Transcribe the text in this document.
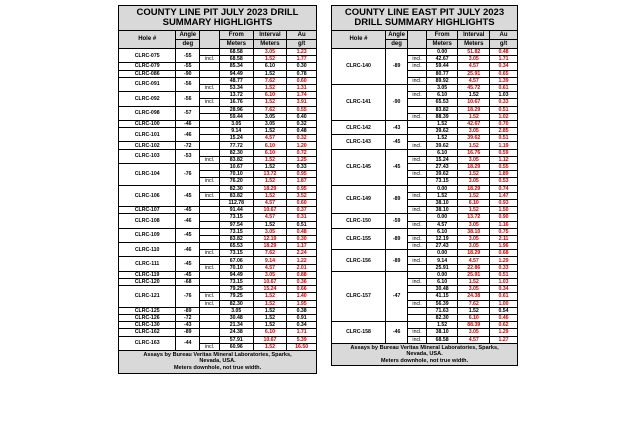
COUNTY LINE PIT JULY 2023 DRILL
SUMMARY HIGHLIGHTS					

Hole #	Angle		From	Interval	Au
	deg		Meters	Meters	g/t
CLRC-075	-55		68.58	3.05	1.23
		incl.	68.58	1.52	1.77
CLRC-079	-55		85.34	6.10	0.30
CLRC-086	-90		94.49	1.52	0.78
CLRC-091	-56		48.77	7.62	0.60
		incl.	53.34	1.52	1.31
CLRC-092	-56		13.72	6.10	1.74
		incl.	16.76	1.52	3.91
CLRC-098	-57		28.96	7.62	0.55
			59.44	3.05	0.40
CLRC-100	-46		3.05	3.05	0.32
CLRC-101	-46		9.14	1.52	0.48
			15.24	4.57	0.32
CLRC-102	-72		77.72	6.10	1.20
CLRC-103	-53		82.30	6.10	0.72
		incl.	83.82	1.52	1.25
CLRC-104	-76		10.67	1.52	0.33
			70.10	13.72	0.95
		incl.	76.20	1.52	1.87
CLRC-106	-45		82.30	18.29	0.95
		incl.	83.82	1.52	3.52
			112.78	4.57	0.60
CLRC-107	-45		91.44	10.67	0.37
CLRC-108	-46		73.15	4.57	0.31
			97.54	1.52	0.51
CLRC-109	-45		73.15	3.05	0.48
			83.82	12.19	0.30
CLRC-110	-46		65.53	18.29	1.17
		incl.	73.15	7.62	2.24
CLRC-111	-45		67.06	9.14	1.22
		incl.	70.10	4.57	2.01
CLRC-119	-45		94.49	3.05	0.88
CLRC-120	-68		73.15	10.67	0.36
CLRC-121	-76		79.25	15.24	0.66
		incl.	79.25	1.52	1.40
		incl.	82.30	1.52	1.95
CLRC-125	-89		3.05	1.52	0.38
CLRC-126	-72		30.48	1.52	0.91
CLRC-130	-43		21.34	1.52	0.34
CLRC-162	-89		24.38	6.10	1.71
CLRC-163	-44		57.91	10.67	5.39
		incl.	60.96	1.52	16.50

Assays by Bureau Veritas Mineral Laboratories, Sparks,
Nevada, USA.
Meters downhole, not true width.					
COUNTY LINE EAST PIT JULY 2023
DRILL SUMMARY HIGHLIGHTS					

Hole #	Angle		From	Interval	Au
	deg		Meters	Meters	g/t
CLRC-140	-89		0.00	51.82	0.48
		incl.	42.67	3.05	1.71
		incl.	59.44	4.57	0.34
			80.77	25.91	0.65
		incl.	89.92	4.57	1.39
CLRC-141	-90		3.05	45.72	0.61
		incl.	6.10	1.52	1.03
			65.53	10.67	0.33
			83.82	18.29	0.51
		incl.	88.39	1.52	1.02
CLRC-142	-43		1.52	42.67	0.70
			39.62	3.05	2.85
CLRC-143	-45		1.52	39.62	0.51
		incl.	39.62	1.52	1.19
CLRC-145	-45		6.10	16.76	0.59
		incl.	15.24	3.05	1.12
			27.43	18.29	0.55
		incl.	39.62	1.52	1.89
			73.15	3.05	0.53
CLRC-149	-89		0.00	18.29	0.74
		incl.	1.52	1.52	1.47
			38.10	6.10	0.93
		incl.	38.10	1.52	1.50
CLRC-150	-59		0.00	13.72	0.90
		incl.	4.57	3.05	1.16
CLRC-155	-89		6.10	38.10	0.75
		incl.	12.19	3.05	2.11
		incl.	27.43	3.05	1.96
CLRC-156	-89		0.00	18.29	0.68
		incl.	9.14	4.57	1.29
			25.91	22.86	0.33
CLRC-157	-47		0.00	25.91	0.51
		incl.	6.10	1.52	1.03
			30.48	3.05	0.34
			41.15	24.38	0.61
		incl.	56.39	7.62	1.00
			71.63	1.52	0.54
			82.30	6.10	0.46
CLRC-158	-46		1.52	88.39	0.62
		incl.	38.10	3.05	1.29
		incl.	68.58	4.57	1.27

Assays by Bureau Veritas Mineral Laboratories, Sparks,
Nevada, USA.
Meters downhole, not true width.					
